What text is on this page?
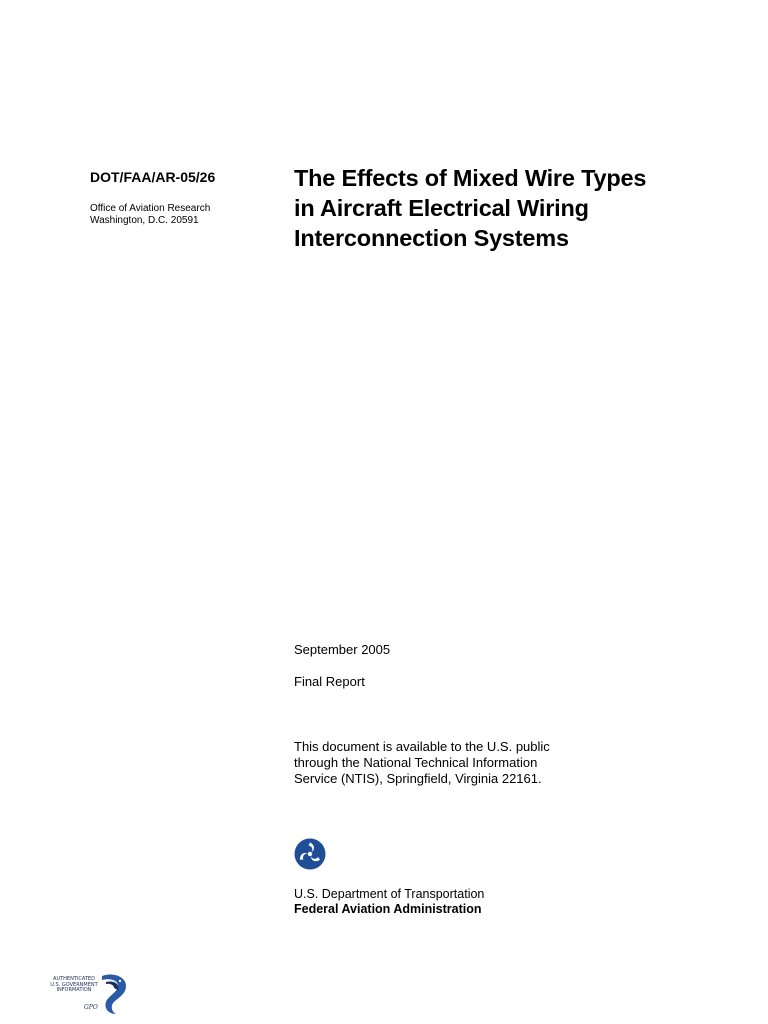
DOT/FAA/AR-05/26

Office of Aviation Research
Washington, D.C. 20591
The Effects of Mixed Wire Types
in Aircraft Electrical Wiring
Interconnection Systems

September 2005

Final Report

This document is available to the U.S. public
through the National Technical Information
Service (NTIS), Springfield, Virginia 22161.
U.S. Department of Transportation
Federal Aviation Administration
AUTHENTICATED
U.S. GOVERNMENT
INFORMATION
GPO
